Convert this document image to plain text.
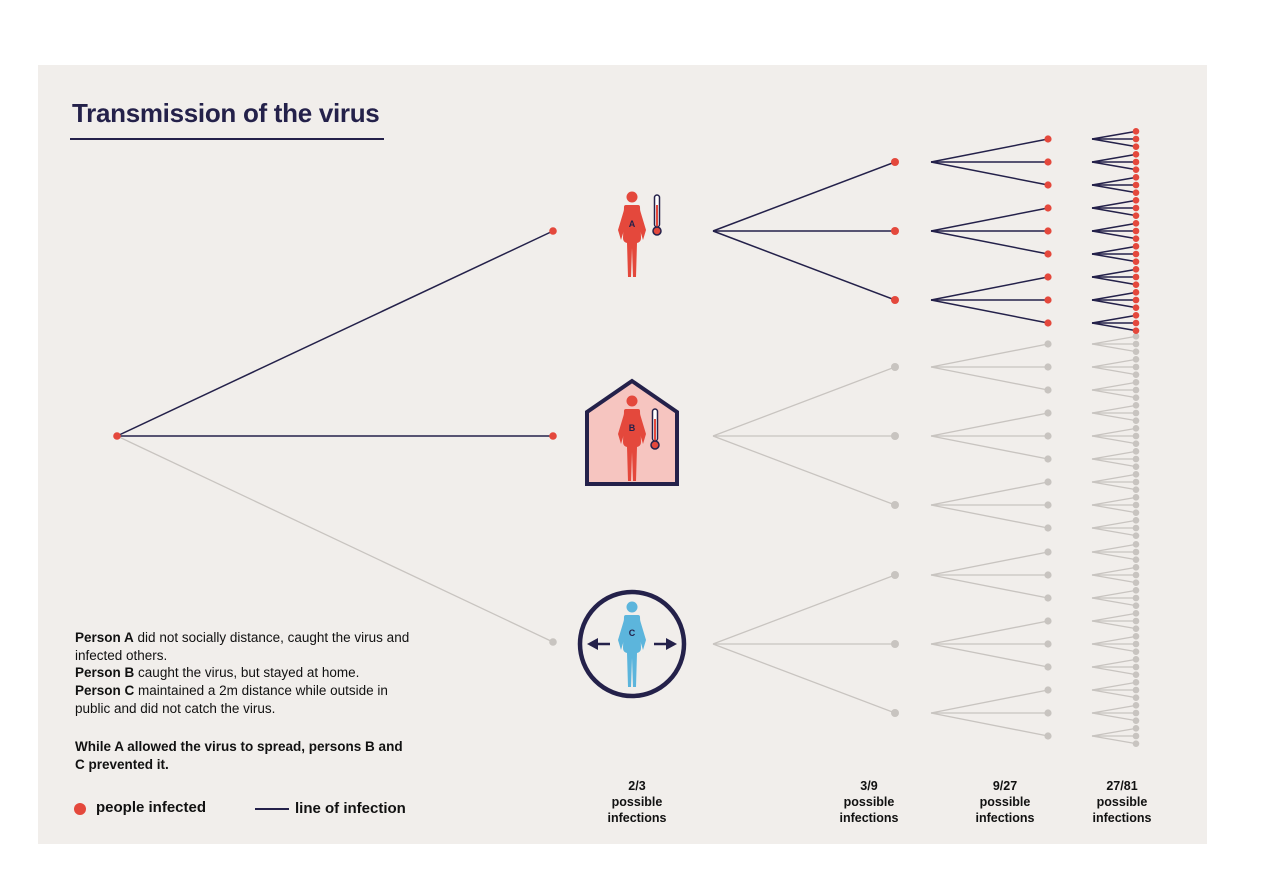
A
B
C
Transmission of the virus

Person A did not socially distance, caught the virus and infected others.

Person B caught the virus, but stayed at home.

Person C maintained a 2m distance while outside in public and did not catch the virus.

While A allowed the virus to spread, persons B and C prevented it.

people infected	line of infection
2/3
possible
infections
3/9
possible
infections
9/27
possible
infections
27/81
possible
infections
